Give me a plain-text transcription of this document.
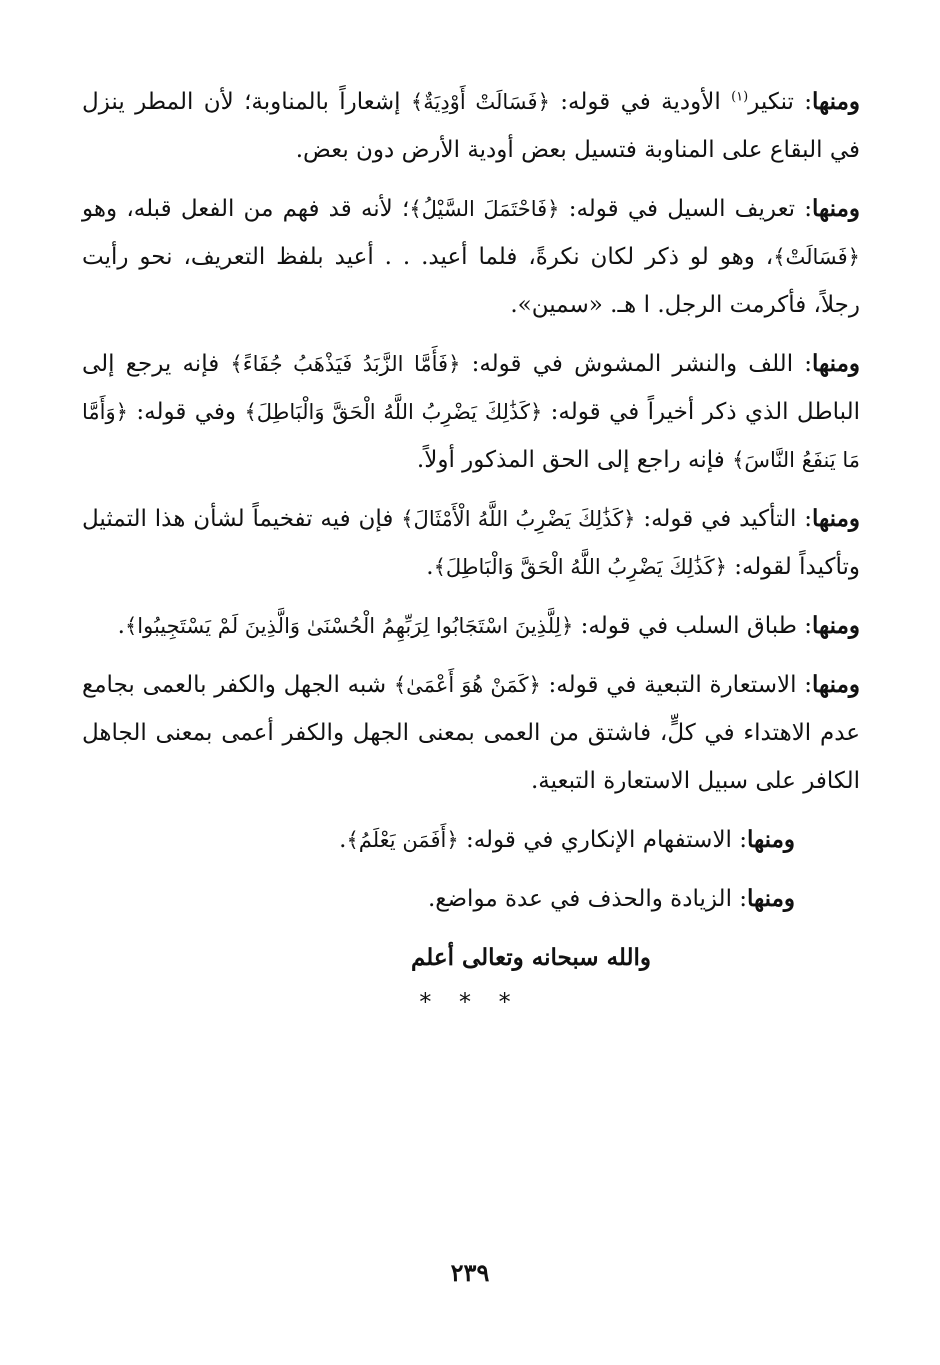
ومنها: تنكير$^{(١)}$ الأودية في قوله: ﴿فَسَالَتْ أَوْدِيَةٌ﴾ إشعاراً بالمناوبة؛ لأن المطر ينزل في البقاع على المناوبة فتسيل بعض أودية الأرض دون بعض.

ومنها: تعريف السيل في قوله: ﴿فَاحْتَمَلَ السَّيْلُ﴾؛ لأنه قد فهم من الفعل قبله، وهو ﴿فَسَالَتْ﴾، وهو لو ذكر لكان نكرةً، فلما أعيد. . . أعيد بلفظ التعريف، نحو رأيت رجلاً، فأكرمت الرجل. ا هـ. «سمين».

ومنها: اللف والنشر المشوش في قوله: ﴿فَأَمَّا الزَّبَدُ فَيَذْهَبُ جُفَاءً﴾ فإنه يرجع إلى الباطل الذي ذكر أخيراً في قوله: ﴿كَذَٰلِكَ يَضْرِبُ اللَّهُ الْحَقَّ وَالْبَاطِلَ﴾ وفي قوله: ﴿وَأَمَّا مَا يَنفَعُ النَّاسَ﴾ فإنه راجع إلى الحق المذكور أولاً.

ومنها: التأكيد في قوله: ﴿كَذَٰلِكَ يَضْرِبُ اللَّهُ الْأَمْثَالَ﴾ فإن فيه تفخيماً لشأن هذا التمثيل وتأكيداً لقوله: ﴿كَذَٰلِكَ يَضْرِبُ اللَّهُ الْحَقَّ وَالْبَاطِلَ﴾.

ومنها: طباق السلب في قوله: ﴿لِلَّذِينَ اسْتَجَابُوا لِرَبِّهِمُ الْحُسْنَىٰ وَالَّذِينَ لَمْ يَسْتَجِيبُوا﴾.

ومنها: الاستعارة التبعية في قوله: ﴿كَمَنْ هُوَ أَعْمَىٰ﴾ شبه الجهل والكفر بالعمى بجامع عدم الاهتداء في كلٍّ، فاشتق من العمى بمعنى الجهل والكفر أعمى بمعنى الجاهل الكافر على سبيل الاستعارة التبعية.

ومنها: الاستفهام الإنكاري في قوله: ﴿أَفَمَن يَعْلَمُ﴾.

ومنها: الزيادة والحذف في عدة مواضع.

والله سبحانه وتعالى أعلم

* * *
٢٣٩
